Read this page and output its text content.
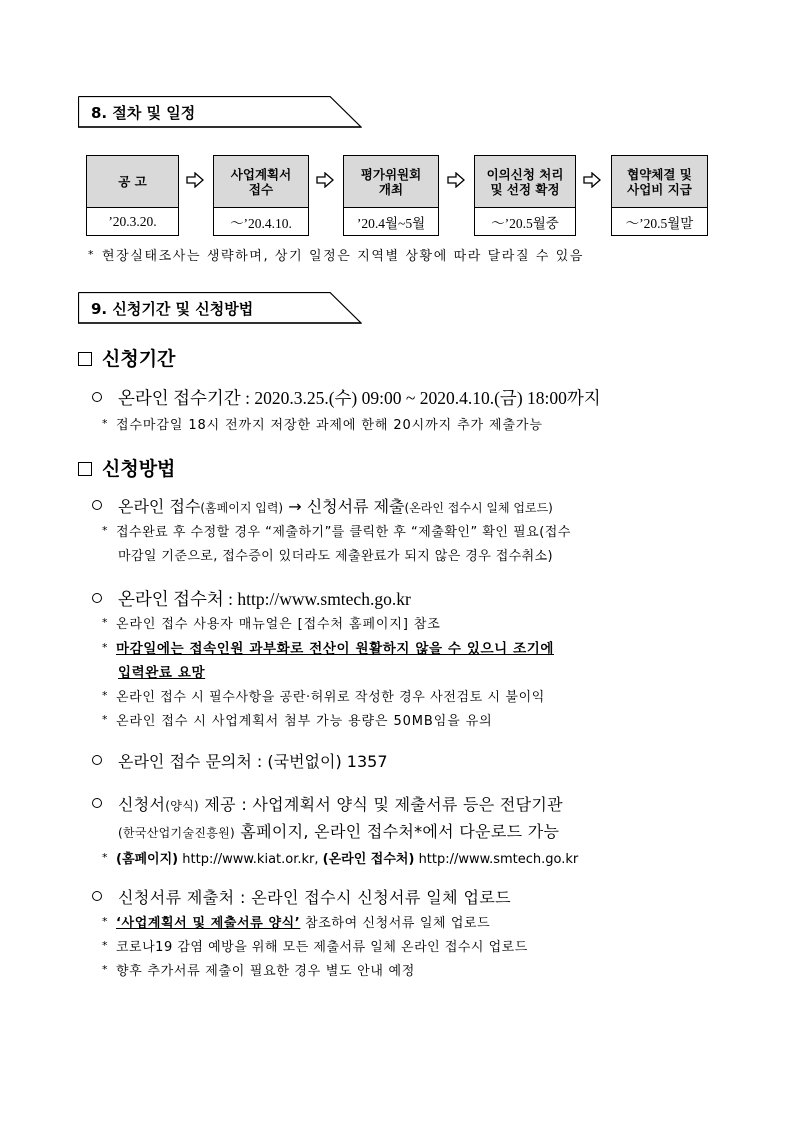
8. 절차 및 일정
공 고
’20.3.20.
사업계획서
접수
～’20.4.10.
평가위원회
개최
’20.4월~5월
이의신청 처리
및 선정 확정
～’20.5월중
협약체결 및
사업비 지급
～’20.5월말
* 현장실태조사는 생략하며, 상기 일정은 지역별 상황에 따라 달라질 수 있음
9. 신청기간 및 신청방법
신청기간
온라인 접수기간 : 2020.3.25.(수) 09:00 ~ 2020.4.10.(금) 18:00까지
* 접수마감일 18시 전까지 저장한 과제에 한해 20시까지 추가 제출가능
신청방법
온라인 접수(홈페이지 입력) → 신청서류 제출(온라인 접수시 일체 업로드)
* 접수완료 후 수정할 경우 “제출하기”를 클릭한 후 “제출확인” 확인 필요(접수
마감일 기준으로, 접수증이 있더라도 제출완료가 되지 않은 경우 접수취소)
온라인 접수처 : http://www.smtech.go.kr
* 온라인 접수 사용자 매뉴얼은 [접수처 홈페이지] 참조
* 마감일에는 접속인원 과부화로 전산이 원활하지 않을 수 있으니 조기에
입력완료 요망
* 온라인 접수 시 필수사항을 공란·허위로 작성한 경우 사전검토 시 불이익
* 온라인 접수 시 사업계획서 첨부 가능 용량은 50MB임을 유의
온라인 접수 문의처 : (국번없이) 1357
신청서(양식) 제공 : 사업계획서 양식 및 제출서류 등은 전담기관
(한국산업기술진흥원) 홈페이지, 온라인 접수처*에서 다운로드 가능
* (홈페이지) http://www.kiat.or.kr, (온라인 접수처) http://www.smtech.go.kr
신청서류 제출처 : 온라인 접수시 신청서류 일체 업로드
* ‘사업계획서 및 제출서류 양식’ 참조하여 신청서류 일체 업로드
* 코로나19 감염 예방을 위해 모든 제출서류 일체 온라인 접수시 업로드
* 향후 추가서류 제출이 필요한 경우 별도 안내 예정
